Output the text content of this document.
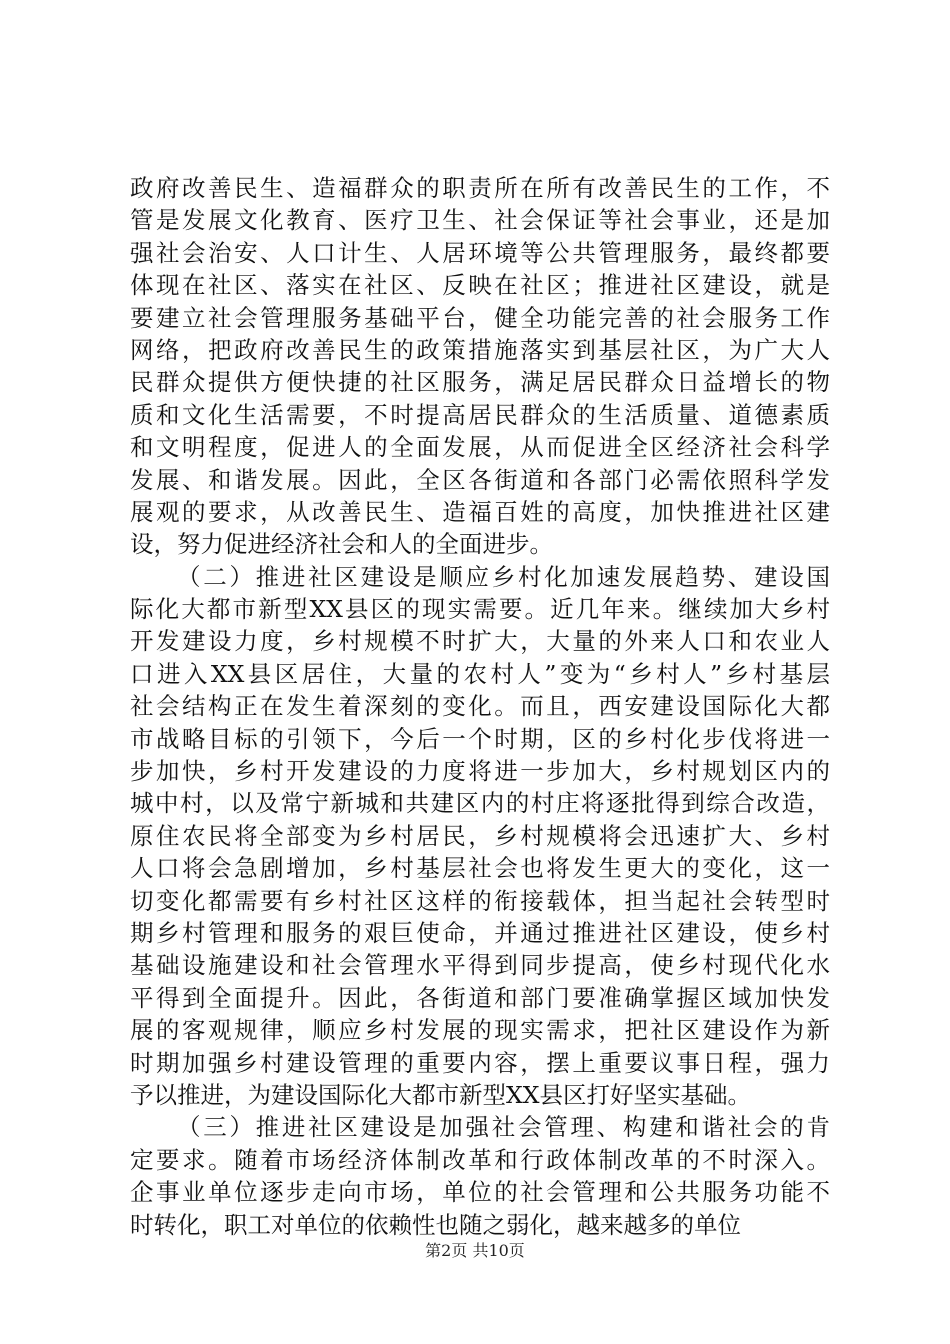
政府改善民生、造福群众的职责所在所有改善民生的工作，不
管是发展文化教育、医疗卫生、社会保证等社会事业，还是加
强社会治安、人口计生、人居环境等公共管理服务，最终都要
体现在社区、落实在社区、反映在社区；推进社区建设，就是
要建立社会管理服务基础平台，健全功能完善的社会服务工作
网络，把政府改善民生的政策措施落实到基层社区，为广大人
民群众提供方便快捷的社区服务，满足居民群众日益增长的物
质和文化生活需要，不时提高居民群众的生活质量、道德素质
和文明程度，促进人的全面发展，从而促进全区经济社会科学
发展、和谐发展。因此，全区各街道和各部门必需依照科学发
展观的要求，从改善民生、造福百姓的高度，加快推进社区建
设，努力促进经济社会和人的全面进步。
（二）推进社区建设是顺应乡村化加速发展趋势、建设国
际化大都市新型XX县区的现实需要。近几年来。继续加大乡村
开发建设力度，乡村规模不时扩大，大量的外来人口和农业人
口进入XX县区居住，大量的农村人”变为“乡村人”乡村基层
社会结构正在发生着深刻的变化。而且，西安建设国际化大都
市战略目标的引领下，今后一个时期，区的乡村化步伐将进一
步加快，乡村开发建设的力度将进一步加大，乡村规划区内的
城中村，以及常宁新城和共建区内的村庄将逐批得到综合改造，
原住农民将全部变为乡村居民，乡村规模将会迅速扩大、乡村
人口将会急剧增加，乡村基层社会也将发生更大的变化，这一
切变化都需要有乡村社区这样的衔接载体，担当起社会转型时
期乡村管理和服务的艰巨使命，并通过推进社区建设，使乡村
基础设施建设和社会管理水平得到同步提高，使乡村现代化水
平得到全面提升。因此，各街道和部门要准确掌握区域加快发
展的客观规律，顺应乡村发展的现实需求，把社区建设作为新
时期加强乡村建设管理的重要内容，摆上重要议事日程，强力
予以推进，为建设国际化大都市新型XX县区打好坚实基础。
（三）推进社区建设是加强社会管理、构建和谐社会的肯
定要求。随着市场经济体制改革和行政体制改革的不时深入。
企事业单位逐步走向市场，单位的社会管理和公共服务功能不
时转化，职工对单位的依赖性也随之弱化，越来越多的单位
第2页 共10页
